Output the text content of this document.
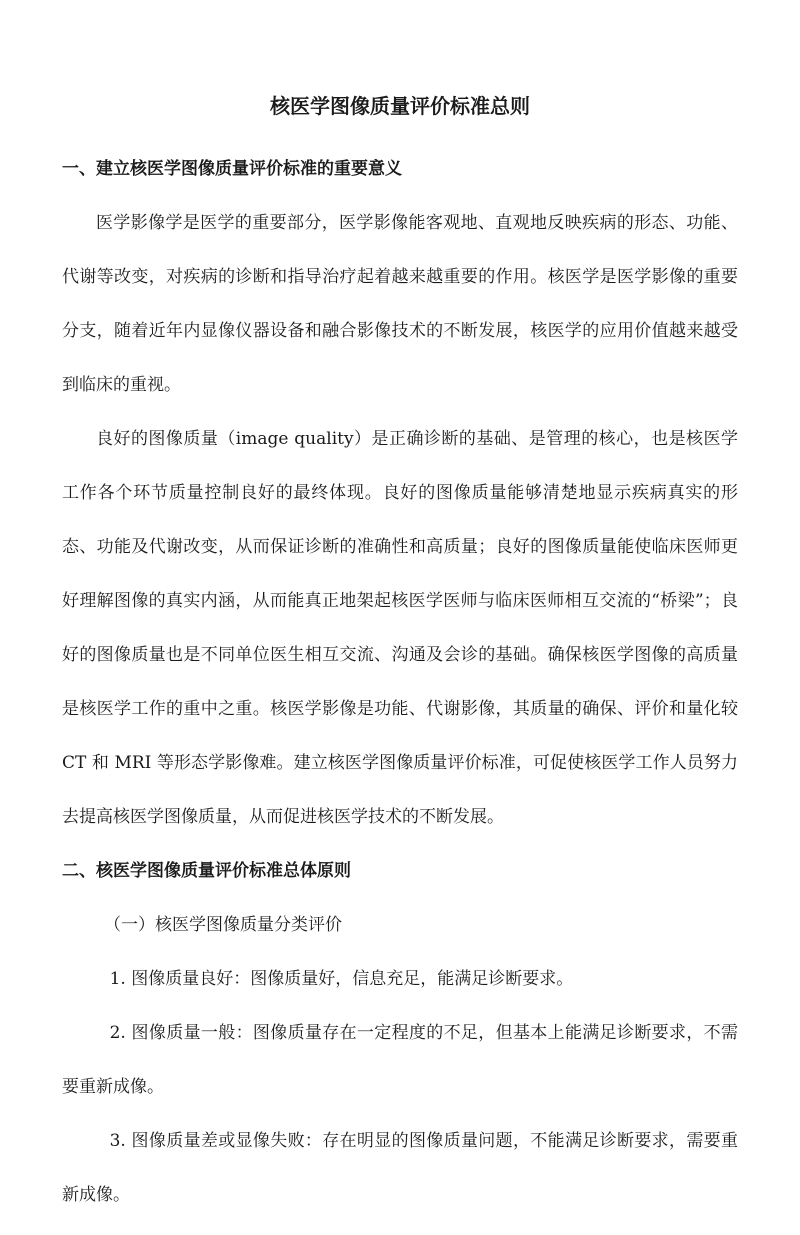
核医学图像质量评价标准总则
一、建立核医学图像质量评价标准的重要意义

医学影像学是医学的重要部分，医学影像能客观地、直观地反映疾病的形态、功能、代谢等改变，对疾病的诊断和指导治疗起着越来越重要的作用。核医学是医学影像的重要分支，随着近年内显像仪器设备和融合影像技术的不断发展，核医学的应用价值越来越受到临床的重视。

良好的图像质量（image quality）是正确诊断的基础、是管理的核心，也是核医学工作各个环节质量控制良好的最终体现。良好的图像质量能够清楚地显示疾病真实的形态、功能及代谢改变，从而保证诊断的准确性和高质量；良好的图像质量能使临床医师更好理解图像的真实内涵，从而能真正地架起核医学医师与临床医师相互交流的“桥梁”；良好的图像质量也是不同单位医生相互交流、沟通及会诊的基础。确保核医学图像的高质量是核医学工作的重中之重。核医学影像是功能、代谢影像，其质量的确保、评价和量化较 CT 和 MRI 等形态学影像难。建立核医学图像质量评价标准，可促使核医学工作人员努力去提高核医学图像质量，从而促进核医学技术的不断发展。

二、核医学图像质量评价标准总体原则

（一）核医学图像质量分类评价

1. 图像质量良好：图像质量好，信息充足，能满足诊断要求。

2. 图像质量一般：图像质量存在一定程度的不足，但基本上能满足诊断要求，不需要重新成像。

3. 图像质量差或显像失败：存在明显的图像质量问题，不能满足诊断要求，需要重新成像。
